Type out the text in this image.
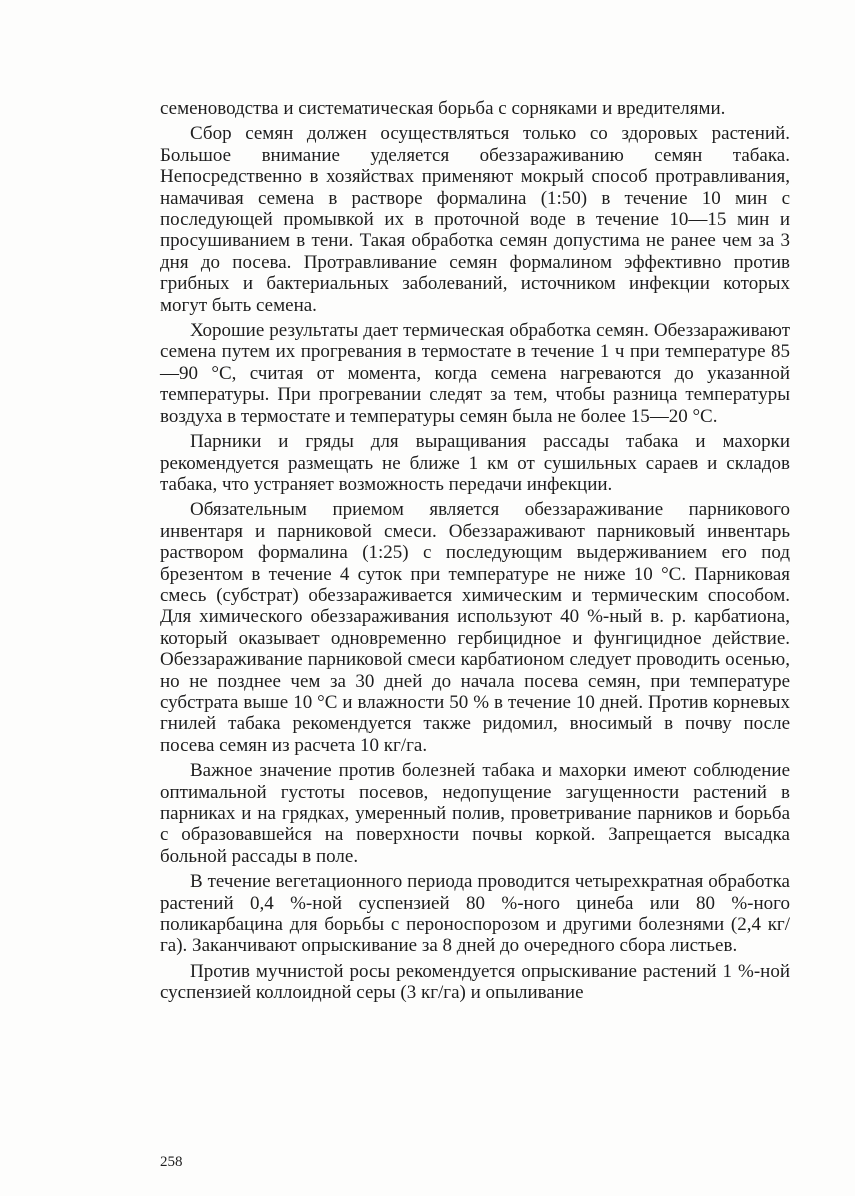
семеноводства и систематическая борьба с сорняками и вредителями.

Сбор семян должен осуществляться только со здоровых растений. Большое внимание уделяется обеззараживанию семян табака. Непосредственно в хозяйствах применяют мокрый способ протравливания, намачивая семена в растворе формалина (1:50) в течение 10 мин с последующей промывкой их в проточной воде в течение 10—15 мин и просушиванием в тени. Такая обработка семян допустима не ранее чем за 3 дня до посева. Протравливание семян формалином эффективно против грибных и бактериальных заболеваний, источником инфекции которых могут быть семена.

Хорошие результаты дает термическая обработка семян. Обеззараживают семена путем их прогревания в термостате в течение 1 ч при температуре 85—90 °С, считая от момента, когда семена нагреваются до указанной температуры. При прогревании следят за тем, чтобы разница температуры воздуха в термостате и температуры семян была не более 15—20 °С.

Парники и гряды для выращивания рассады табака и махорки рекомендуется размещать не ближе 1 км от сушильных сараев и складов табака, что устраняет возможность передачи инфекции.

Обязательным приемом является обеззараживание парникового инвентаря и парниковой смеси. Обеззараживают парниковый инвентарь раствором формалина (1:25) с последующим выдерживанием его под брезентом в течение 4 суток при температуре не ниже 10 °С. Парниковая смесь (субстрат) обеззараживается химическим и термическим способом. Для химического обеззараживания используют 40 %-ный в. р. карбатиона, который оказывает одновременно гербицидное и фунгицидное действие. Обеззараживание парниковой смеси карбатионом следует проводить осенью, но не позднее чем за 30 дней до начала посева семян, при температуре субстрата выше 10 °С и влажности 50 % в течение 10 дней. Против корневых гнилей табака рекомендуется также ридомил, вносимый в почву после посева семян из расчета 10 кг/га.

Важное значение против болезней табака и махорки имеют соблюдение оптимальной густоты посевов, недопущение загущенности растений в парниках и на грядках, умеренный полив, проветривание парников и борьба с образовавшейся на поверхности почвы коркой. Запрещается высадка больной рассады в поле.

В течение вегетационного периода проводится четырехкратная обработка растений 0,4 %-ной суспензией 80 %-ного цинеба или 80 %-ного поликарбацина для борьбы с пероноспорозом и другими болезнями (2,4 кг/га). Заканчивают опрыскивание за 8 дней до очередного сбора листьев.

Против мучнистой росы рекомендуется опрыскивание растений 1 %-ной суспензией коллоидной серы (3 кг/га) и опыливание

258
